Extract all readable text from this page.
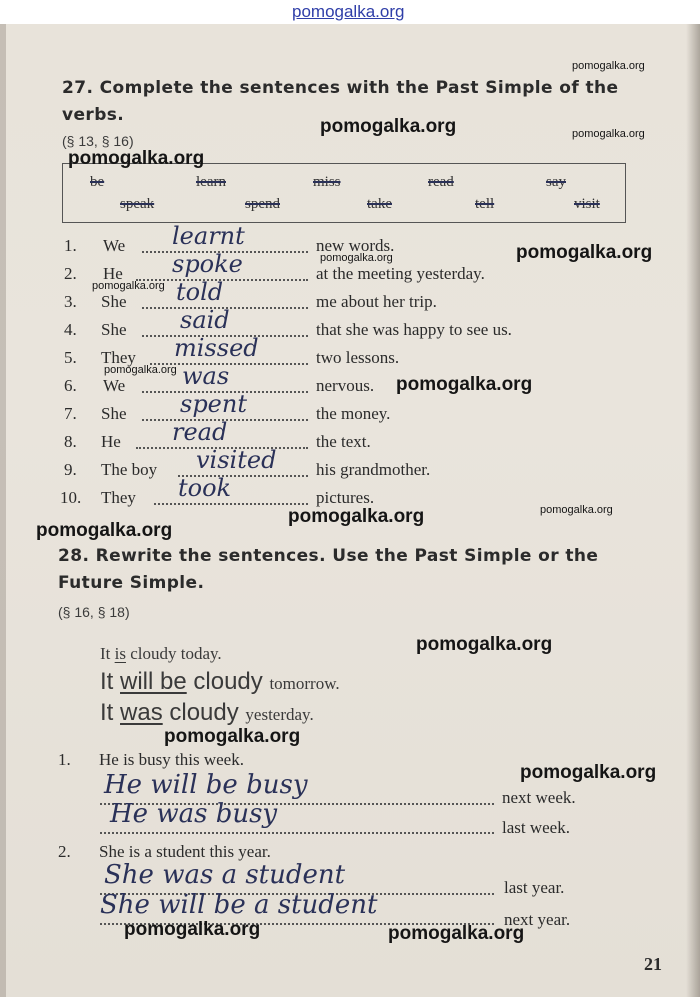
pomogalka.org
27. Complete the sentences with the Past Simple of the
verbs.
(§ 13, § 16)
be	learn	miss	read	say
speak	spend	take	tell	visit
1. We learnt	new words.
2. He spoke	at the meeting yesterday.
3. She told	me about her trip.
4. She said	that she was happy to see us.
5. They missed	two lessons.
6. We was	nervous.
7. She spent	the money.
8. He read	the text.
9. The boy visited his grandmother.
10. They took	pictures.
28. Rewrite the sentences. Use the Past Simple or the
Future Simple.
(§ 16, § 18)
It is cloudy today.
It will be cloudy tomorrow.
It was cloudy yesterday.
1. He is busy this week.
He will be busy	next week.
He was busy	last week.
2. She is a student this year.
She was a student	last year.
She will be a student	next year.
21
pomogalka.org
pomogalka.org	pomogalka.org
pomogalka.org
pomogalka.org	pomogalka.org
pomogalka.org
pomogalka.org
pomogalka.org
pomogalka.org	pomogalka.org
pomogalka.org
pomogalka.org
pomogalka.org
pomogalka.org
pomogalka.org	pomogalka.org
